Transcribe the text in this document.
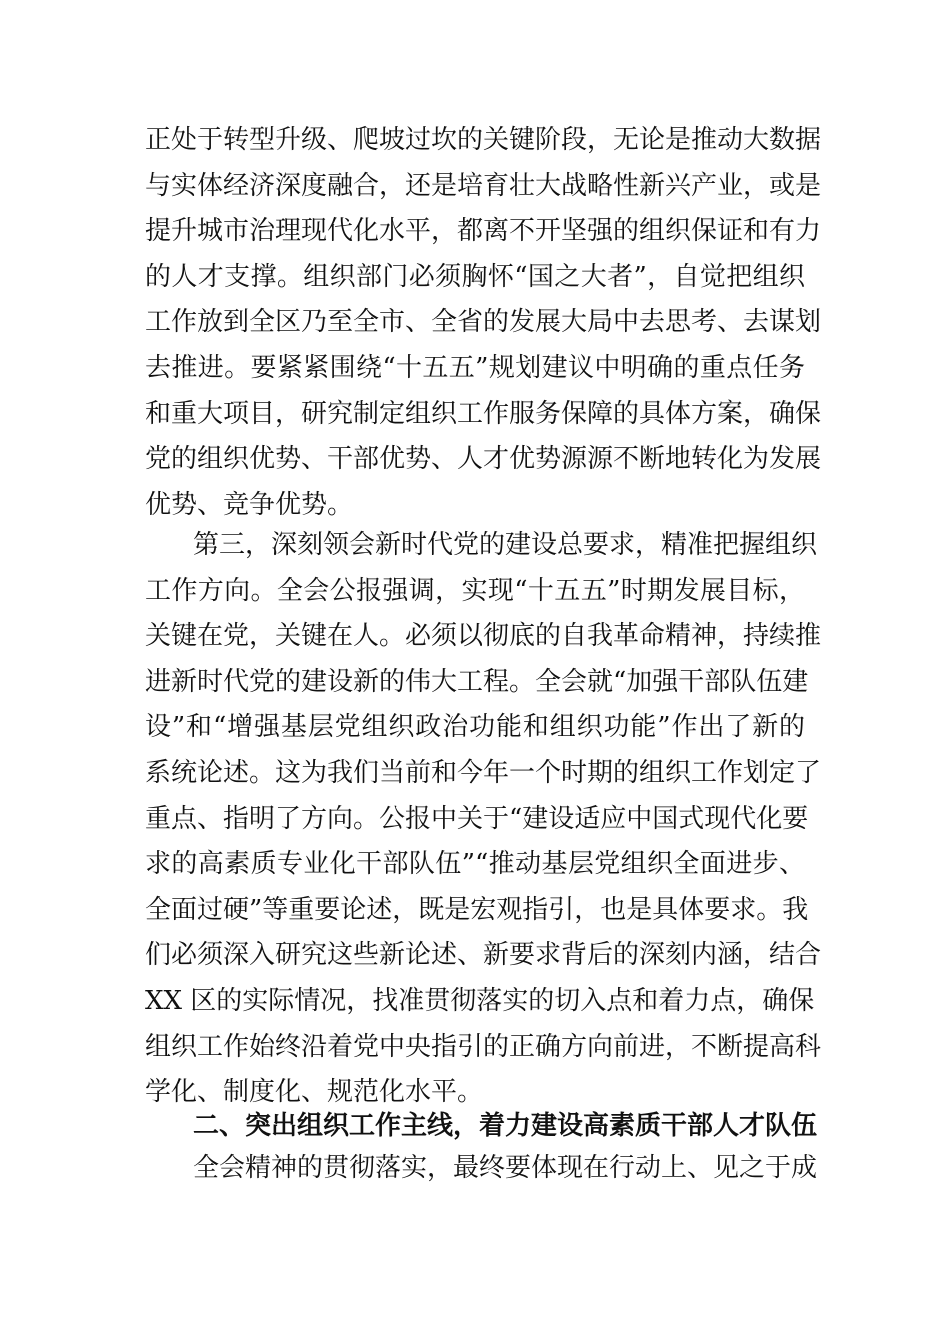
正处于转型升级、爬坡过坎的关键阶段，无论是推动大数据
与实体经济深度融合，还是培育壮大战略性新兴产业，或是
提升城市治理现代化水平，都离不开坚强的组织保证和有力
的人才支撑。组织部门必须胸怀“国之大者”，自觉把组织
工作放到全区乃至全市、全省的发展大局中去思考、去谋划
去推进。要紧紧围绕“十五五”规划建议中明确的重点任务
和重大项目，研究制定组织工作服务保障的具体方案，确保
党的组织优势、干部优势、人才优势源源不断地转化为发展
优势、竞争优势。
第三，深刻领会新时代党的建设总要求，精准把握组织
工作方向。全会公报强调，实现“十五五”时期发展目标，
关键在党，关键在人。必须以彻底的自我革命精神，持续推
进新时代党的建设新的伟大工程。全会就“加强干部队伍建
设”和“增强基层党组织政治功能和组织功能”作出了新的
系统论述。这为我们当前和今年一个时期的组织工作划定了
重点、指明了方向。公报中关于“建设适应中国式现代化要
求的高素质专业化干部队伍”“推动基层党组织全面进步、
全面过硬”等重要论述，既是宏观指引，也是具体要求。我
们必须深入研究这些新论述、新要求背后的深刻内涵，结合
XX 区的实际情况，找准贯彻落实的切入点和着力点，确保
组织工作始终沿着党中央指引的正确方向前进，不断提高科
学化、制度化、规范化水平。
二、突出组织工作主线，着力建设高素质干部人才队伍
全会精神的贯彻落实，最终要体现在行动上、见之于成
